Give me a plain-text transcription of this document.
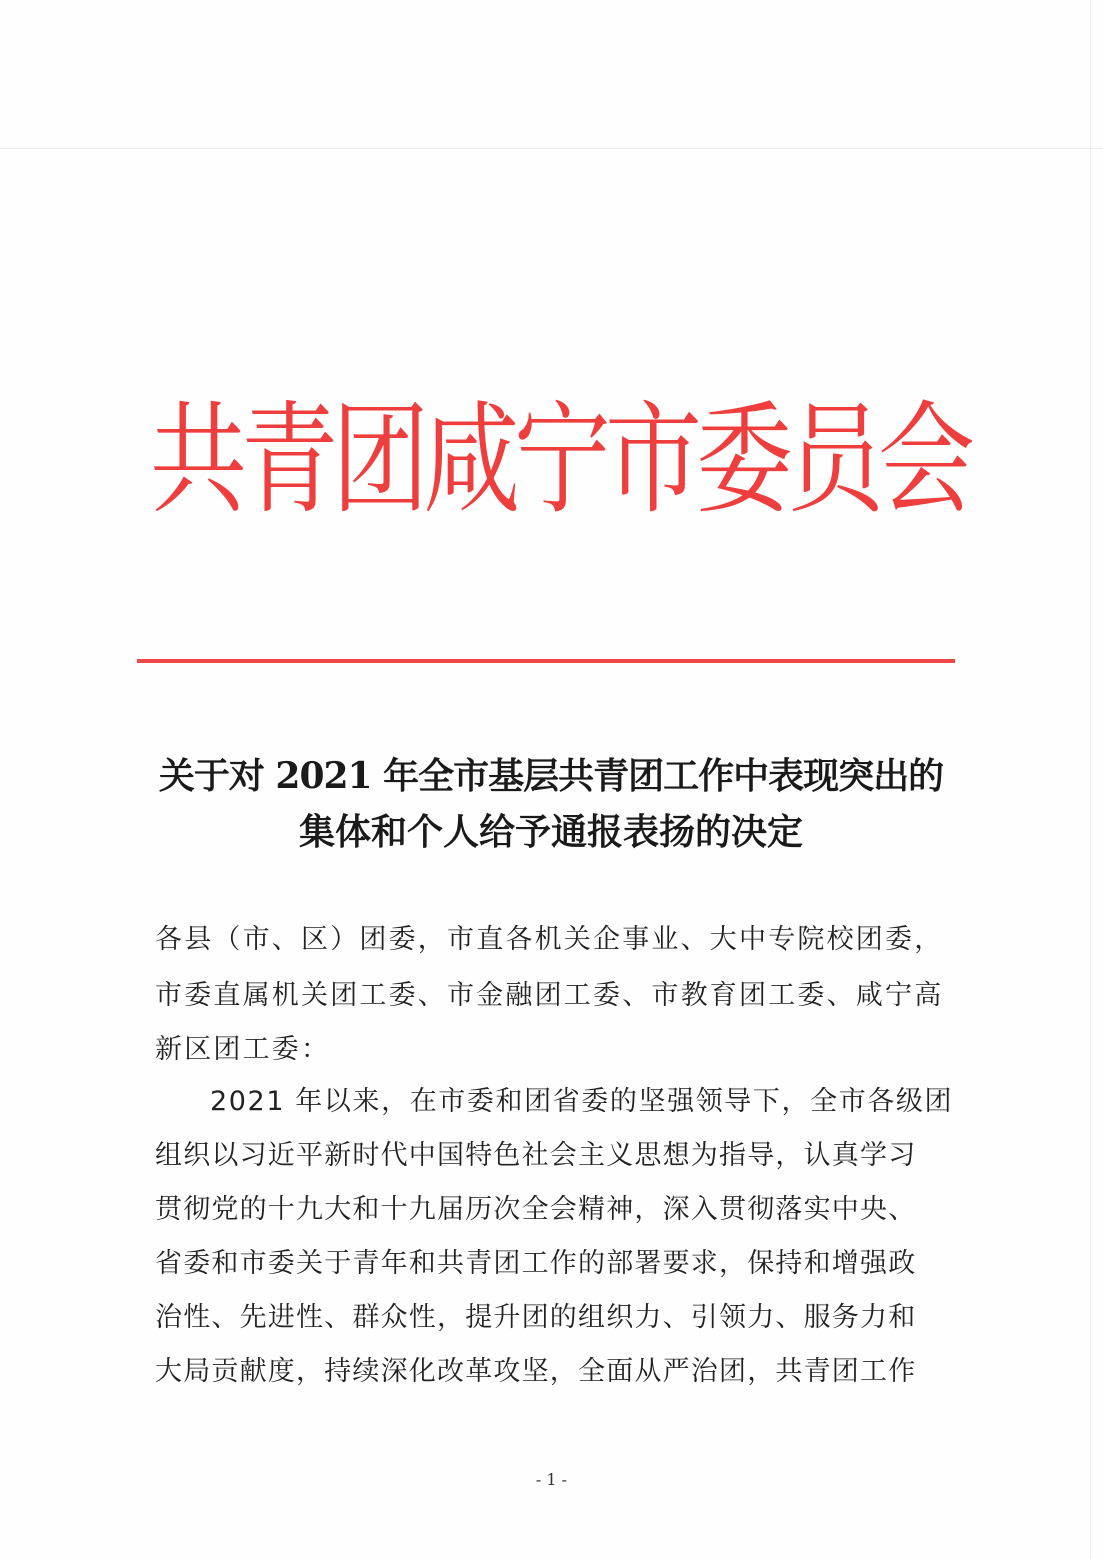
共青团咸宁市委员会
关于对 2021 年全市基层共青团工作中表现突出的
集体和个人给予通报表扬的决定
各县（市、区）团委，市直各机关企事业、大中专院校团委，
市委直属机关团工委、市金融团工委、市教育团工委、咸宁高
新区团工委：
2021 年以来，在市委和团省委的坚强领导下，全市各级团
组织以习近平新时代中国特色社会主义思想为指导，认真学习
贯彻党的十九大和十九届历次全会精神，深入贯彻落实中央、
省委和市委关于青年和共青团工作的部署要求，保持和增强政
治性、先进性、群众性，提升团的组织力、引领力、服务力和
大局贡献度，持续深化改革攻坚，全面从严治团，共青团工作
- 1 -
